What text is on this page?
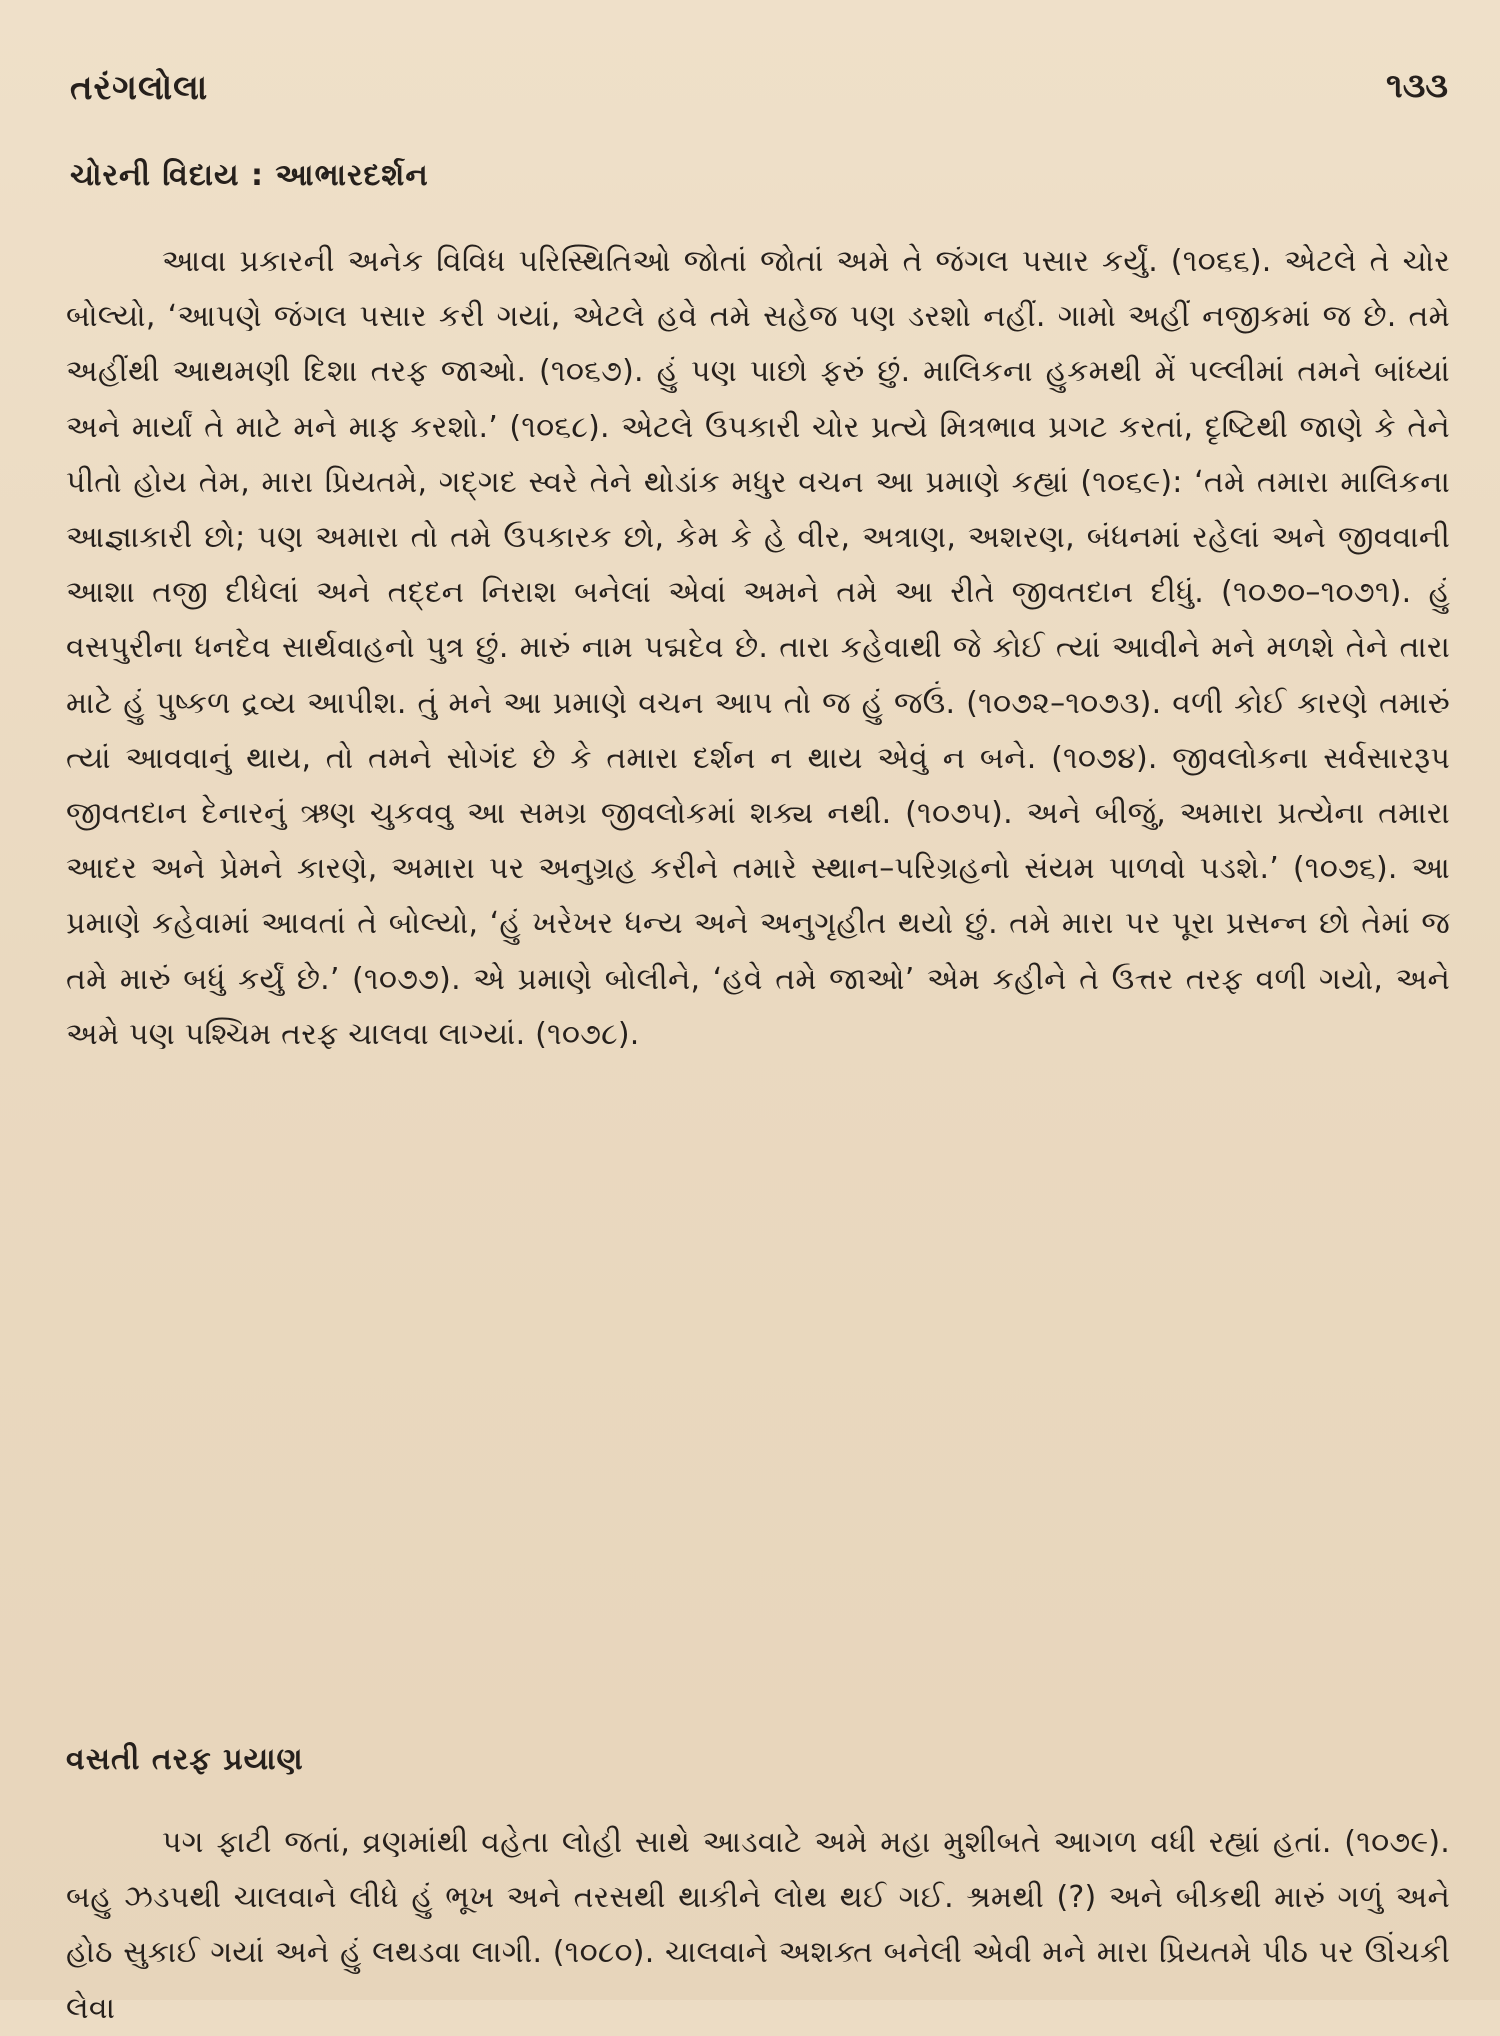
તરંગલોલા	૧૩૩
ચોરની વિદાય : આભારદર્શન
આવા પ્રકારની અનેક વિવિધ પરિસ્થિતિઓ જોતાં જોતાં અમે તે જંગલ પસાર કર્યું. (૧૦૬૬). એટલે તે ચોર બોલ્યો, ‘આપણે જંગલ પસાર કરી ગયાં, એટલે હવે તમે સહેજ પણ ડરશો નહીં. ગામો અહીં નજીકમાં જ છે. તમે અહીંથી આથમણી દિશા તરફ જાઓ. (૧૦૬૭). હું પણ પાછો ફરું છું. માલિકના હુકમથી મેં પલ્લીમાં તમને બાંધ્યાં અને માર્યાં તે માટે મને માફ કરશો.’ (૧૦૬૮). એટલે ઉપકારી ચોર પ્રત્યે મિત્રભાવ પ્રગટ કરતાં, દૃષ્ટિથી જાણે કે તેને પીતો હોય તેમ, મારા પ્રિયતમે, ગદ્ગદ સ્વરે તેને થોડાંક મધુર વચન આ પ્રમાણે કહ્યાં (૧૦૬૯): ‘તમે તમારા માલિકના આજ્ઞાકારી છો; પણ અમારા તો તમે ઉપકારક છો, કેમ કે હે વીર, અત્રાણ, અશરણ, બંધનમાં રહેલાં અને જીવવાની આશા તજી દીધેલાં અને તદ્દન નિરાશ બનેલાં એવાં અમને તમે આ રીતે જીવતદાન દીધું. (૧૦૭૦–૧૦૭૧). હું વસપુરીના ધનદેવ સાર્થવાહનો પુત્ર છું. મારું નામ પદ્મદેવ છે. તારા કહેવાથી જે કોઈ ત્યાં આવીને મને મળશે તેને તારા માટે હું પુષ્કળ દ્રવ્ય આપીશ. તું મને આ પ્રમાણે વચન આપ તો જ હું જઉં. (૧૦૭૨–૧૦૭૩). વળી કોઈ કારણે તમારું ત્યાં આવવાનું થાય, તો તમને સોગંદ છે કે તમારા દર્શન ન થાય એવું ન બને. (૧૦૭૪). જીવલોકના સર્વસારરૂપ જીવતદાન દેનારનું ઋણ ચુકવવુ આ સમગ્ર જીવલોકમાં શક્ય નથી. (૧૦૭૫). અને બીજું, અમારા પ્રત્યેના તમારા આદર અને પ્રેમને કારણે, અમારા પર અનુગ્રહ કરીને તમારે સ્થાન–પરિગ્રહનો સંયમ પાળવો પડશે.’ (૧૦૭૬). આ પ્રમાણે કહેવામાં આવતાં તે બોલ્યો, ‘હું ખરેખર ધન્ય અને અનુગૃહીત થયો છું. તમે મારા પર પૂરા પ્રસન્ન છો તેમાં જ તમે મારું બધું કર્યું છે.’ (૧૦૭૭). એ પ્રમાણે બોલીને, ‘હવે તમે જાઓ’ એમ કહીને તે ઉત્તર તરફ વળી ગયો, અને અમે પણ પશ્ચિમ તરફ ચાલવા લાગ્યાં. (૧૦૭૮).
વસતી તરફ પ્રયાણ
પગ ફાટી જતાં, વ્રણમાંથી વહેતા લોહી સાથે આડવાટે અમે મહા મુશીબતે આગળ વધી રહ્યાં હતાં. (૧૦૭૯). બહુ ઝડપથી ચાલવાને લીધે હું ભૂખ અને તરસથી થાકીને લોથ થઈ ગઈ. શ્રમથી (?) અને બીકથી મારું ગળું અને હોઠ સુકાઈ ગયાં અને હું લથડવા લાગી. (૧૦૮૦). ચાલવાને અશક્ત બનેલી એવી મને મારા પ્રિયતમે પીઠ પર ઊંચકી લેવા
